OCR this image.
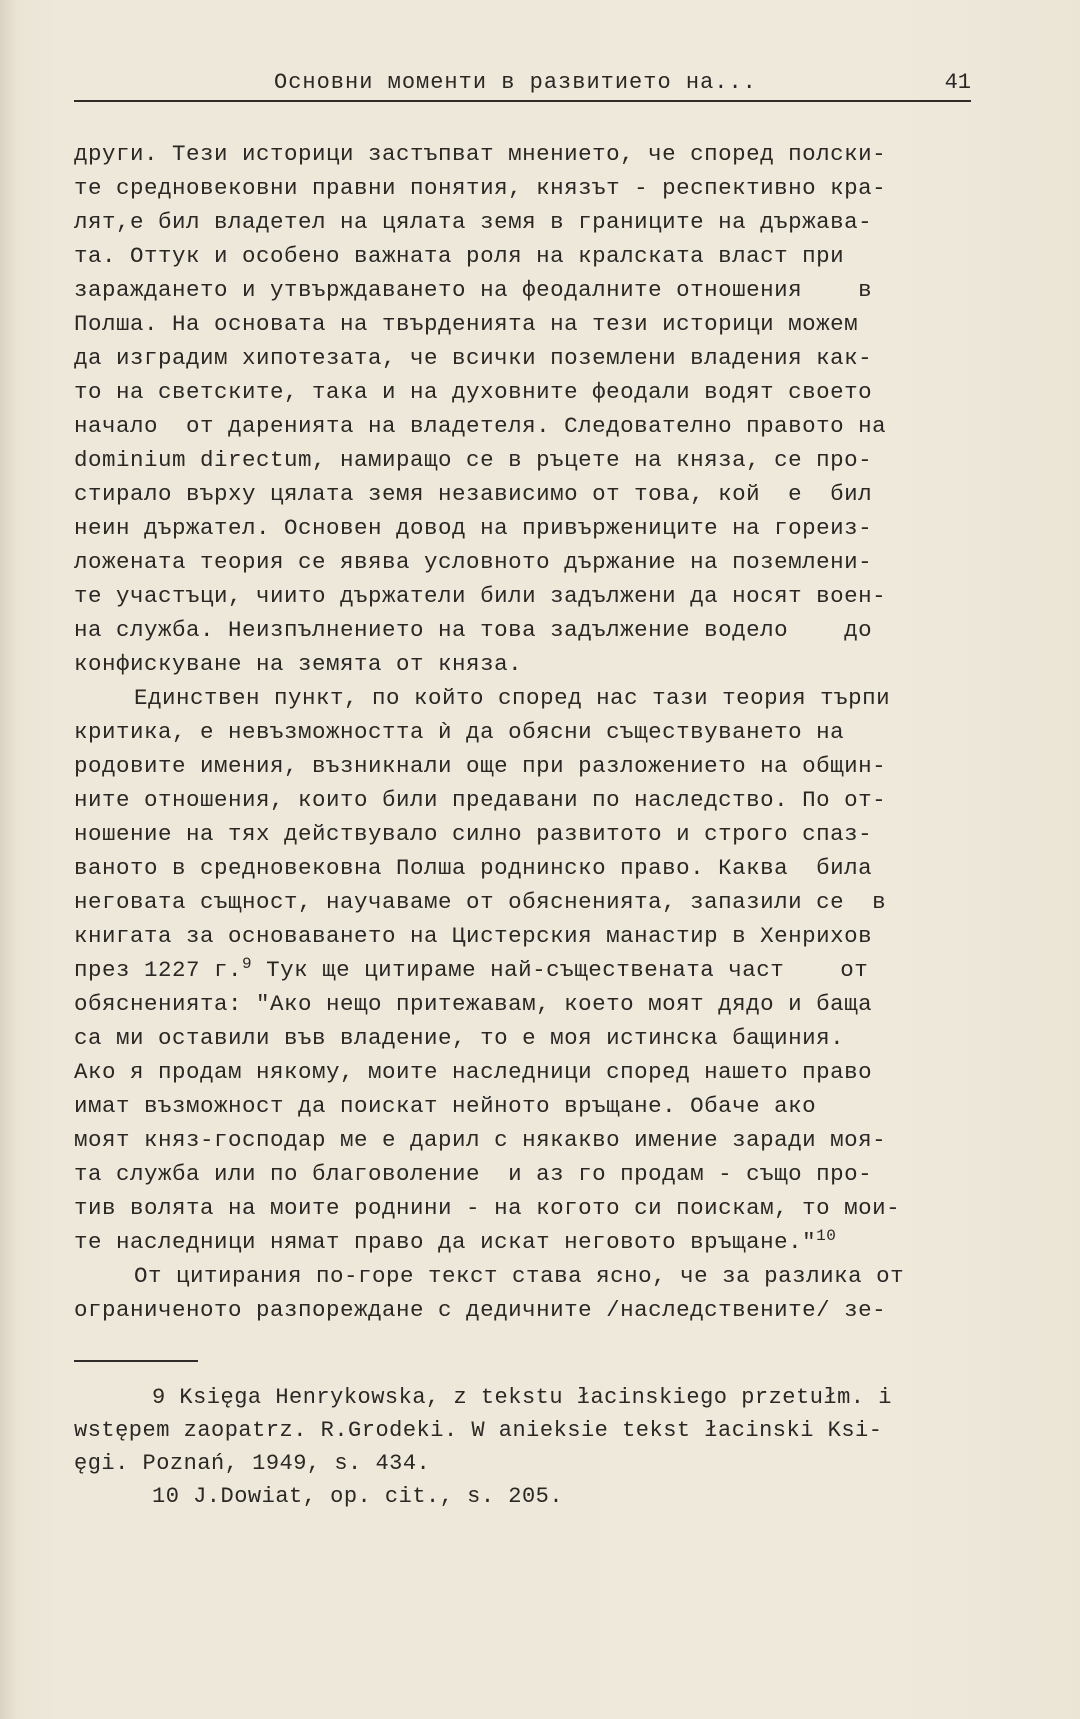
Основни моменти в развитието на...	41
други. Тези историци застъпват мнението, че според полски-
те средновековни правни понятия, князът - респективно кра-
лят,е бил владетел на цялата земя в границите на държава-
та. Оттук и особено важната роля на кралската власт при
зараждането и утвърждаването на феодалните отношения    в
Полша. На основата на твърденията на тези историци можем
да изградим хипотезата, че всички поземлени владения как-
то на светските, така и на духовните феодали водят своето
начало  от даренията на владетеля. Следователно правото на
dominium directum, намиращо се в ръцете на княза, се про-
стирало върху цялата земя независимо от това, кой  е  бил
неин държател. Основен довод на привържениците на гореиз-
ложената теория се явява условното държание на поземлени-
те участъци, чиито държатели били задължени да носят воен-
на служба. Неизпълнението на това задължение водело    до
конфискуване на земята от княза.
Единствен пункт, по който според нас тази теория търпи
критика, е невъзможността ѝ да обясни съществуването на
родовите имения, възникнали още при разложението на общин-
ните отношения, които били предавани по наследство. По от-
ношение на тях действувало силно развитото и строго спаз-
ваното в средновековна Полша роднинско право. Каква  била
неговата същност, научаваме от обясненията, запазили се  в
книгата за основаването на Цистерския манастир в Хенрихов
през 1227 г.$^9$ Тук ще цитираме най-съществената част    от
обясненията: "Ако нещо притежавам, което моят дядо и баща
са ми оставили във владение, то е моя истинска бащиния.
Ако я продам някому, моите наследници според нашето право
имат възможност да поискат нейното връщане. Обаче ако
моят княз-господар ме е дарил с някакво имение заради моя-
та служба или по благоволение  и аз го продам - също про-
тив волята на моите роднини - на когото си поискам, то мои-
те наследници нямат право да искат неговото връщане."$^{10}$
От цитирания по-горе текст става ясно, че за разлика от
ограниченото разпореждане с дедичните /наследствените/ зе-
9 Księga Henrykowska, z tekstu łacinskiego przetułm. i
wstępem zaopatrz. R.Grodeki. W anieksie tekst łacinski Ksi-
ęgi. Poznań, 1949, s. 434.
10 J.Dowiat, op. cit., s. 205.
